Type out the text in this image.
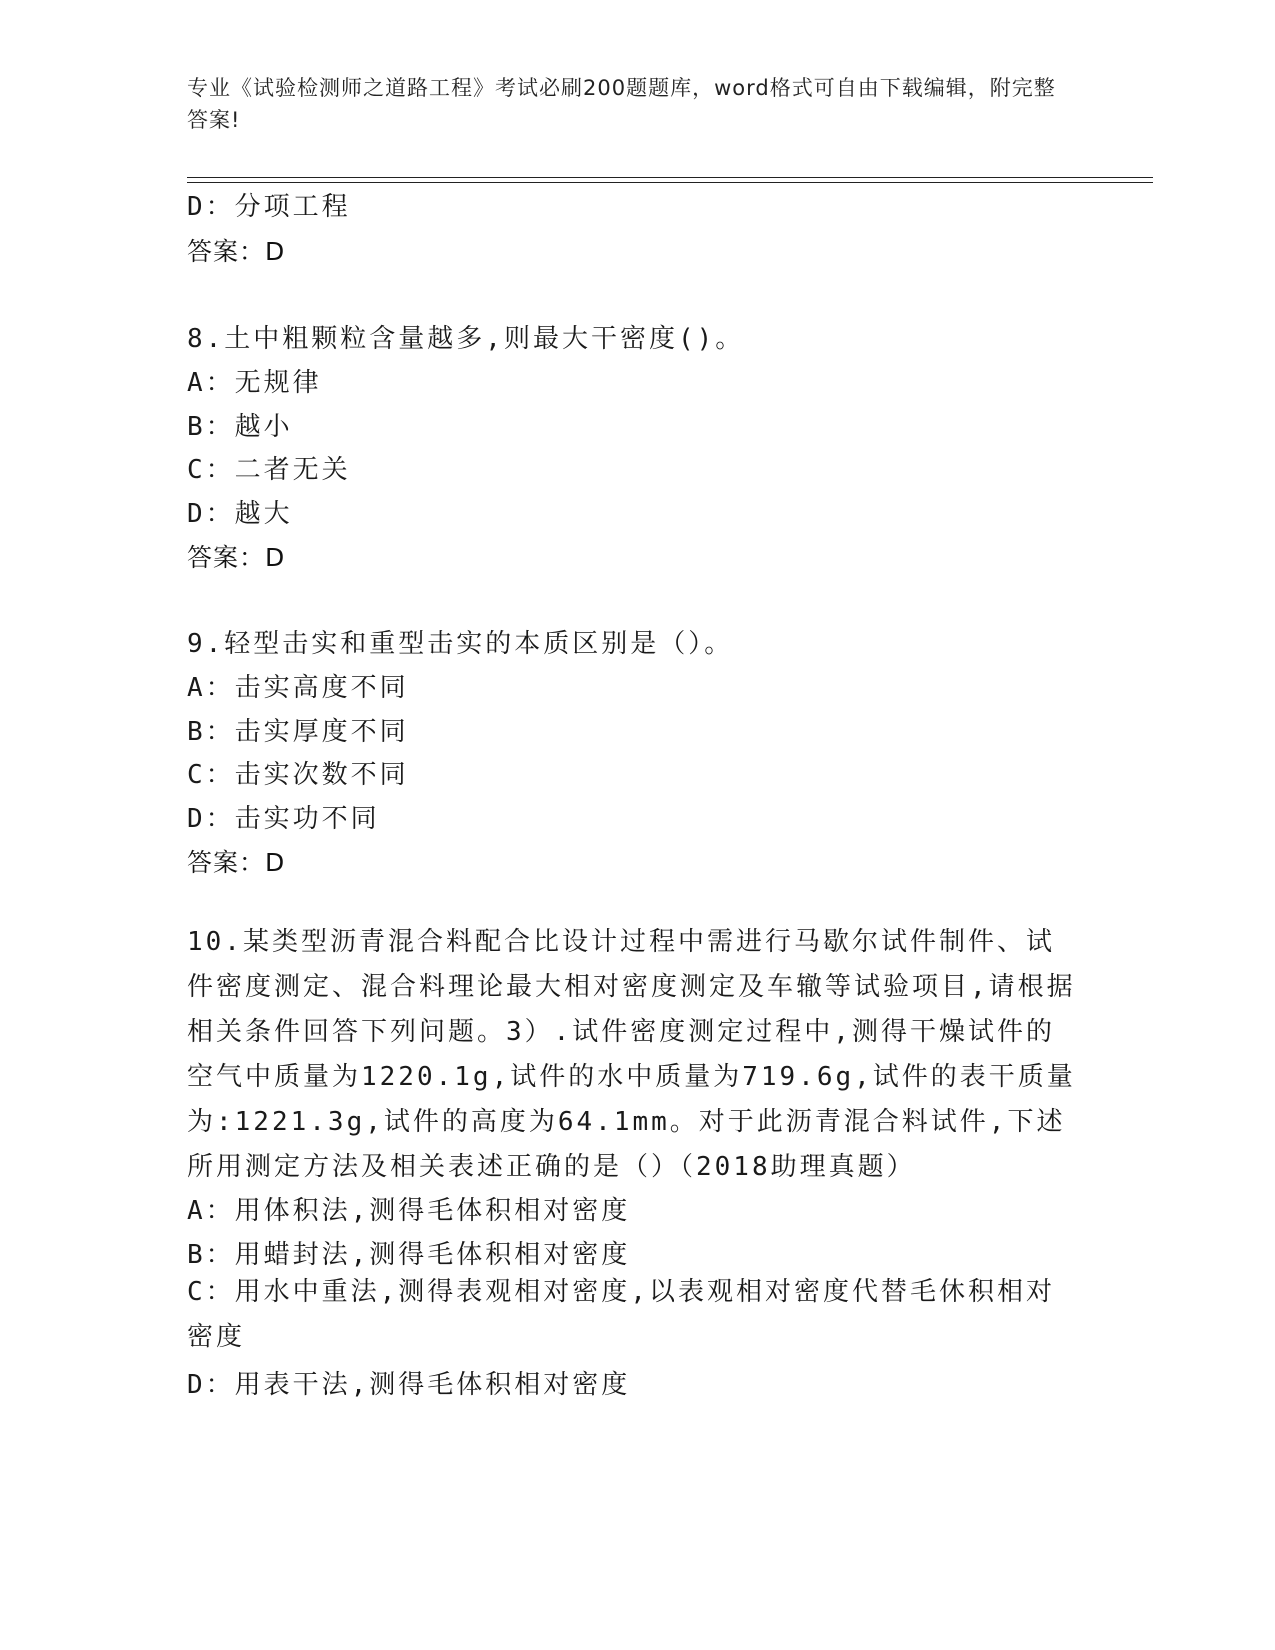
专业《试验检测师之道路工程》考试必刷200题题库，word格式可自由下载编辑，附完整答案!
D：分项工程
答案：D
8.土中粗颗粒含量越多,则最大干密度()。
A：无规律
B：越小
C：二者无关
D：越大
答案：D
9.轻型击实和重型击实的本质区别是（）。
A：击实高度不同
B：击实厚度不同
C：击实次数不同
D：击实功不同
答案：D
10.某类型沥青混合料配合比设计过程中需进行马歇尔试件制件、试件密度测定、混合料理论最大相对密度测定及车辙等试验项目,请根据相关条件回答下列问题。3）.试件密度测定过程中,测得干燥试件的空气中质量为1220.1g,试件的水中质量为719.6g,试件的表干质量为:1221.3g,试件的高度为64.1mm。对于此沥青混合料试件,下述所用测定方法及相关表述正确的是（）（2018助理真题）
A：用体积法,测得毛体积相对密度
B：用蜡封法,测得毛体积相对密度
C：用水中重法,测得表观相对密度,以表观相对密度代替毛休积相对密度
D：用表干法,测得毛体积相对密度
